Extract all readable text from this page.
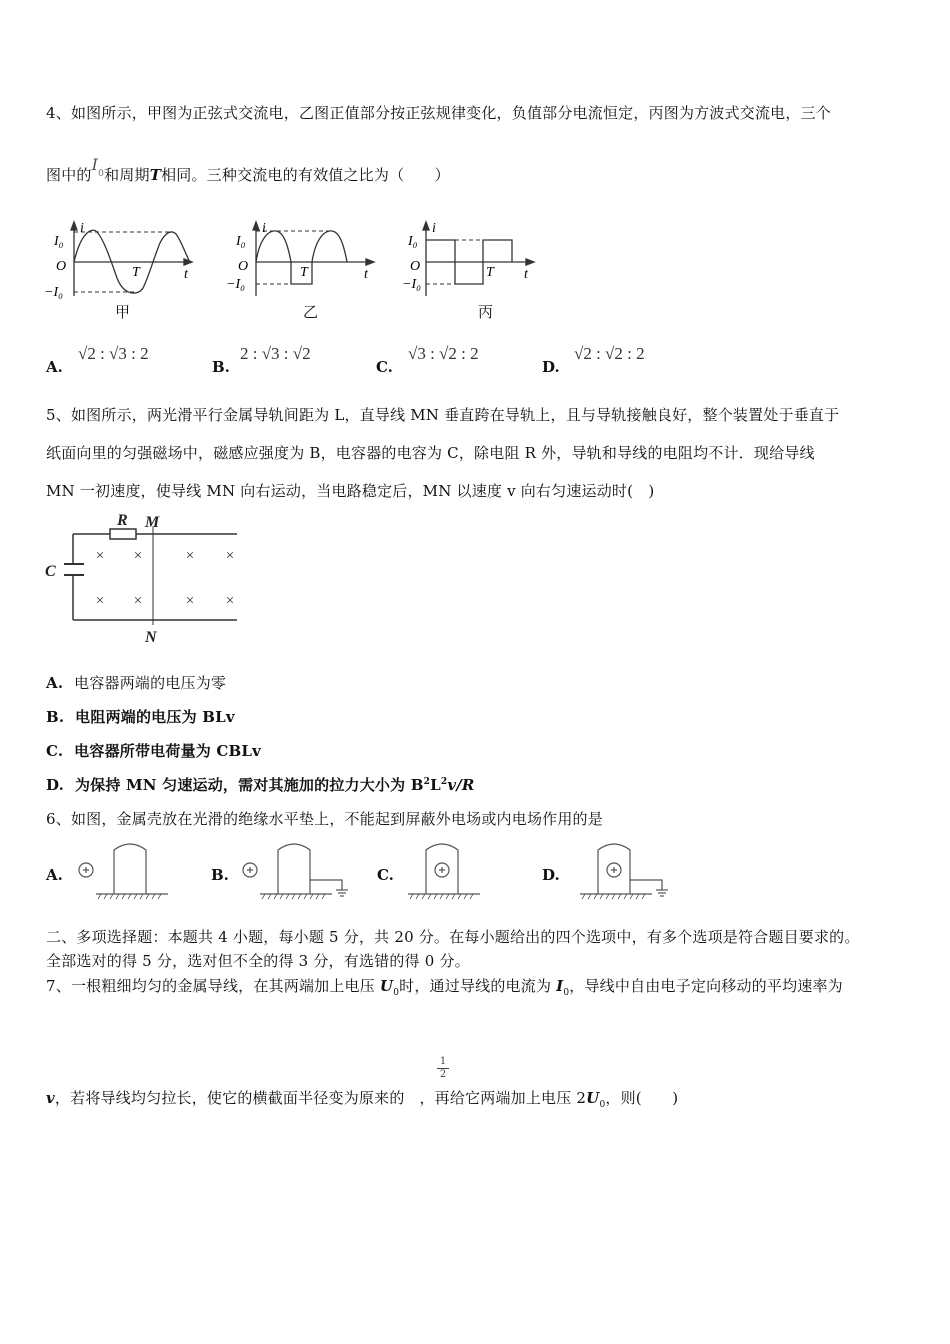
4、如图所示，甲图为正弦式交流电，乙图正值部分按正弦规律变化，负值部分电流恒定，丙图为方波式交流电，三个
图中的$I_0$和周期T相同。三种交流电的有效值之比为（　　）
I₀
i
O
−I₀
T	t
甲
I₀
i
O
−I₀
T	t
乙
I₀
i
O
−I₀
T t
丙
A.
√2 : √3 : 2
B.
2 : √3 : √2
C.
√3 : √2 : 2
D.
√2 : √2 : 2
5、如图所示，两光滑平行金属导轨间距为 L，直导线 MN 垂直跨在导轨上，且与导轨接触良好，整个装置处于垂直于
纸面向里的匀强磁场中，磁感应强度为 B，电容器的电容为 C，除电阻 R 外，导轨和导线的电阻均不计．现给导线
MN 一初速度，使导线 MN 向右运动，当电路稳定后，MN 以速度 v 向右匀速运动时(　)
× ×	× ×
× ×	× ×
R M
C
N
A. 电容器两端的电压为零
B. 电阻两端的电压为 BLv
C. 电容器所带电荷量为 CBLv
D. 为保持 MN 匀速运动，需对其施加的拉力大小为 $B^2L^2v/R$
6、如图，金属壳放在光滑的绝缘水平垫上，不能起到屏蔽外电场或内电场作用的是
A.	B.	C.	D.
二、多项选择题：本题共 4 小题，每小题 5 分，共 20 分。在每小题给出的四个选项中，有多个选项是符合题目要求的。
全部选对的得 5 分，选对但不全的得 3 分，有选错的得 0 分。
7、一根粗细均匀的金属导线，在其两端加上电压 $U_0$时，通过导线的电流为 $I_0$，导线中自由电子定向移动的平均速率为
1
2
v，若将导线均匀拉长，使它的横截面半径变为原来的 ，再给它两端加上电压 $2U_0$，则(　　)
